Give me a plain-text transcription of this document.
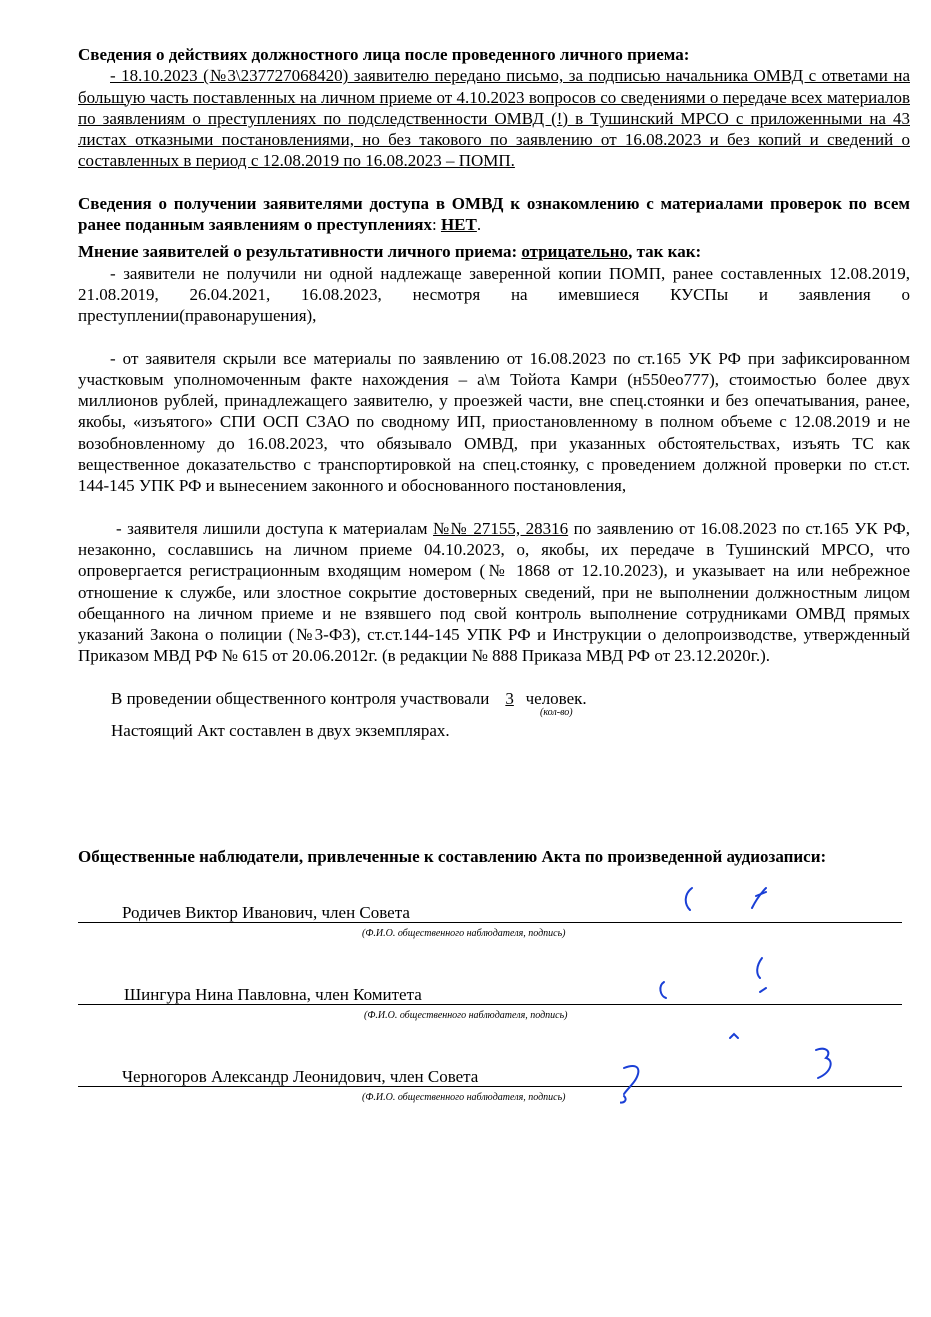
Сведения о действиях должностного лица после проведенного личного приема:

- 18.10.2023 (№3\237727068420) заявителю передано письмо, за подписью начальника ОМВД с ответами на большую часть поставленных на личном приеме от 4.10.2023 вопросов со сведениями о передаче всех материалов по заявлениям о преступлениях по подследственности ОМВД (!) в Тушинский МРСО с приложенными на 43 листах отказными постановлениями, но без такового по заявлению от 16.08.2023 и без копий и сведений о составленных в период с 12.08.2019 по 16.08.2023 – ПОМП.

Сведения о получении заявителями доступа в ОМВД к ознакомлению с материалами проверок по всем ранее поданным заявлениям о преступлениях: НЕТ.

Мнение заявителей о результативности личного приема: отрицательно, так как:

- заявители не получили ни одной надлежаще заверенной копии ПОМП, ранее составленных 12.08.2019, 21.08.2019, 26.04.2021, 16.08.2023, несмотря на имевшиеся КУСПы и заявления о преступлении(правонарушения),

- от заявителя скрыли все материалы по заявлению от 16.08.2023 по ст.165 УК РФ при зафиксированном участковым уполномоченным факте нахождения – а\м Тойота Камри (н550ео777), стоимостью более двух миллионов рублей, принадлежащего заявителю, у проезжей части, вне спец.стоянки и без опечатывания, ранее, якобы, «изъятого» СПИ ОСП СЗАО по сводному ИП, приостановленному в полном объеме с 12.08.2019 и не возобновленному до 16.08.2023, что обязывало ОМВД, при указанных обстоятельствах, изъять ТС как вещественное доказательство с транспортировкой на спец.стоянку, с проведением должной проверки по ст.ст. 144-145 УПК РФ и вынесением законного и обоснованного постановления,

- заявителя лишили доступа к материалам №№ 27155, 28316 по заявлению от 16.08.2023 по ст.165 УК РФ, незаконно, сославшись на личном приеме 04.10.2023, о, якобы, их передаче в Тушинский МРСО, что опровергается регистрационным входящим номером (№ 1868 от 12.10.2023), и указывает на или небрежное отношение к службе, или злостное сокрытие достоверных сведений, при не выполнении должностным лицом обещанного на личном приеме и не взявшего под свой контроль выполнение сотрудниками ОМВД прямых указаний Закона о полиции (№3-ФЗ), ст.ст.144-145 УПК РФ и Инструкции о делопроизводстве, утвержденный Приказом МВД РФ № 615 от 20.06.2012г. (в редакции № 888 Приказа МВД РФ от 23.12.2020г.).

В проведении общественного контроля участвовали 3 человек.

(кол-во)

Настоящий Акт составлен в двух экземплярах.

Общественные наблюдатели, привлеченные к составлению Акта по произведенной аудиозаписи:

Родичев Виктор Иванович, член Совета

(Ф.И.О. общественного наблюдателя, подпись)

Шингура Нина Павловна, член Комитета

(Ф.И.О. общественного наблюдателя, подпись)

Черногоров Александр Леонидович, член Совета

(Ф.И.О. общественного наблюдателя, подпись)
